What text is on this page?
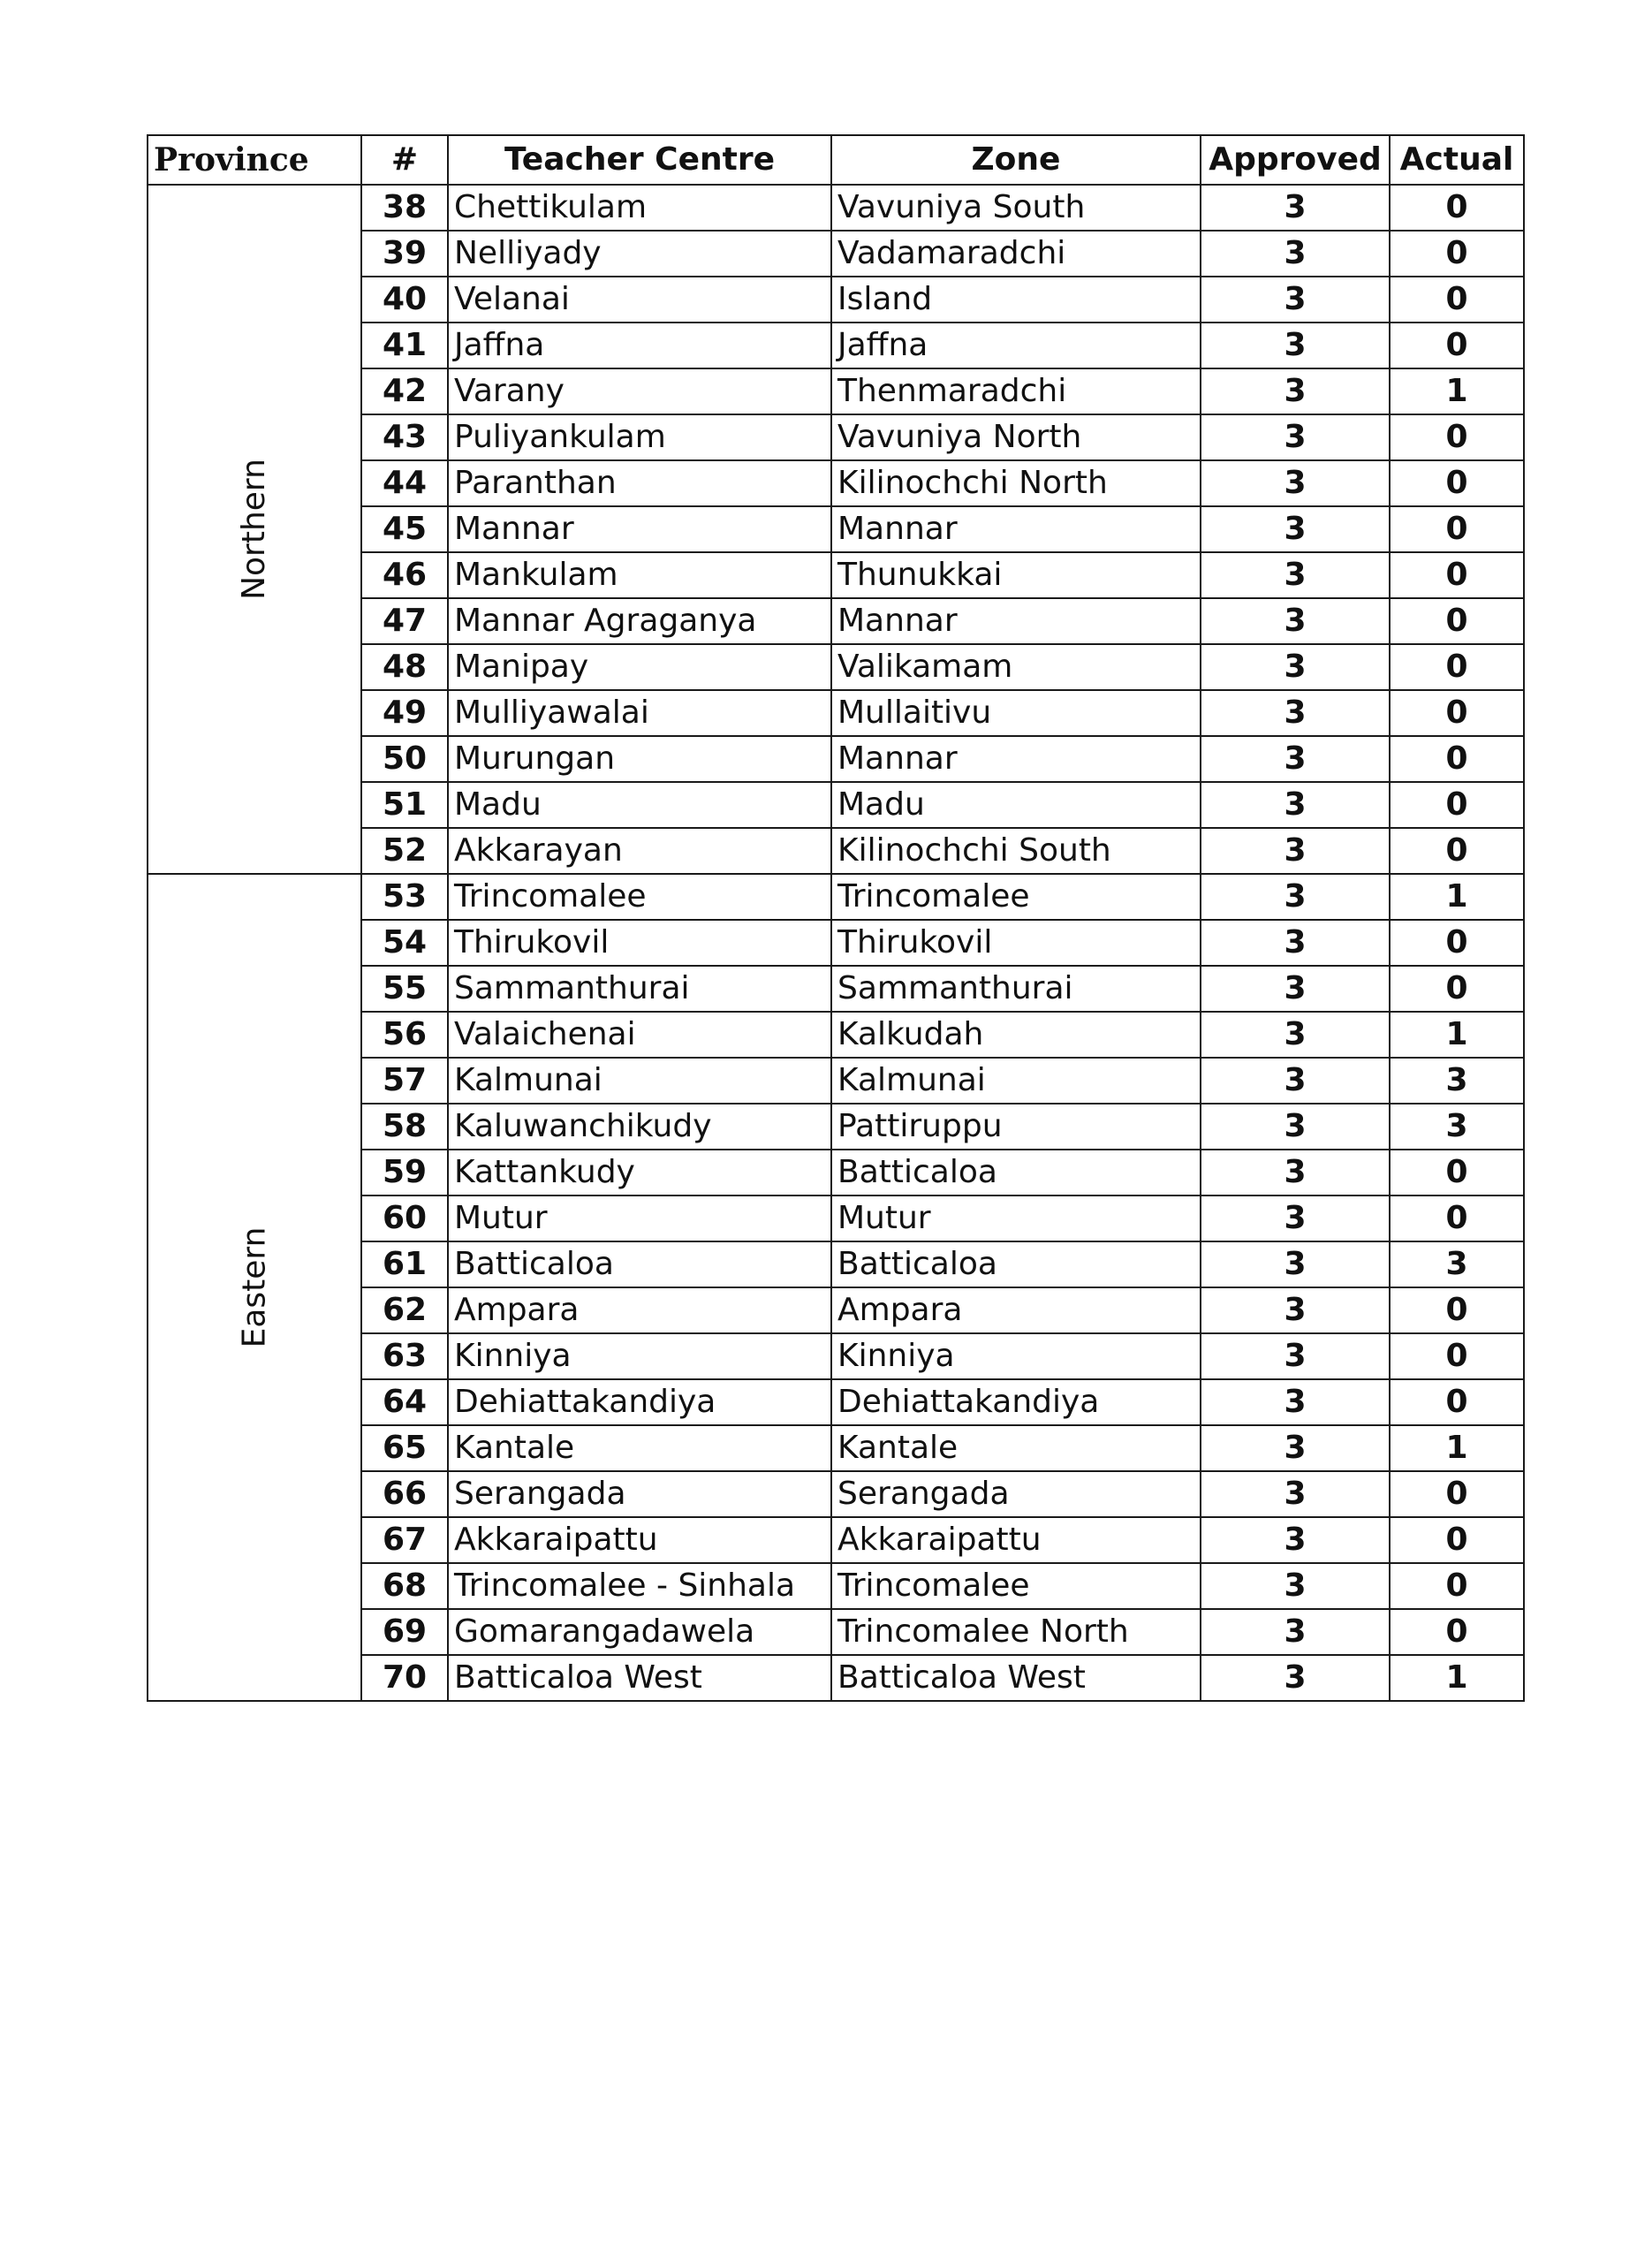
Province	#	Teacher Centre	Zone	Approved	Actual
Northern	38	Chettikulam	Vavuniya South	3	0
	39	Nelliyady	Vadamaradchi	3	0
	40	Velanai	Island	3	0
	41	Jaffna	Jaffna	3	0
	42	Varany	Thenmaradchi	3	1
	43	Puliyankulam	Vavuniya North	3	0
	44	Paranthan	Kilinochchi North	3	0
	45	Mannar	Mannar	3	0
	46	Mankulam	Thunukkai	3	0
	47	Mannar Agraganya	Mannar	3	0
	48	Manipay	Valikamam	3	0
	49	Mulliyawalai	Mullaitivu	3	0
	50	Murungan	Mannar	3	0
	51	Madu	Madu	3	0
	52	Akkarayan	Kilinochchi South	3	0
Eastern	53	Trincomalee	Trincomalee	3	1
	54	Thirukovil	Thirukovil	3	0
	55	Sammanthurai	Sammanthurai	3	0
	56	Valaichenai	Kalkudah	3	1
	57	Kalmunai	Kalmunai	3	3
	58	Kaluwanchikudy	Pattiruppu	3	3
	59	Kattankudy	Batticaloa	3	0
	60	Mutur	Mutur	3	0
	61	Batticaloa	Batticaloa	3	3
	62	Ampara	Ampara	3	0
	63	Kinniya	Kinniya	3	0
	64	Dehiattakandiya	Dehiattakandiya	3	0
	65	Kantale	Kantale	3	1
	66	Serangada	Serangada	3	0
	67	Akkaraipattu	Akkaraipattu	3	0
	68	Trincomalee - Sinhala	Trincomalee	3	0
	69	Gomarangadawela	Trincomalee North	3	0
	70	Batticaloa West	Batticaloa West	3	1
